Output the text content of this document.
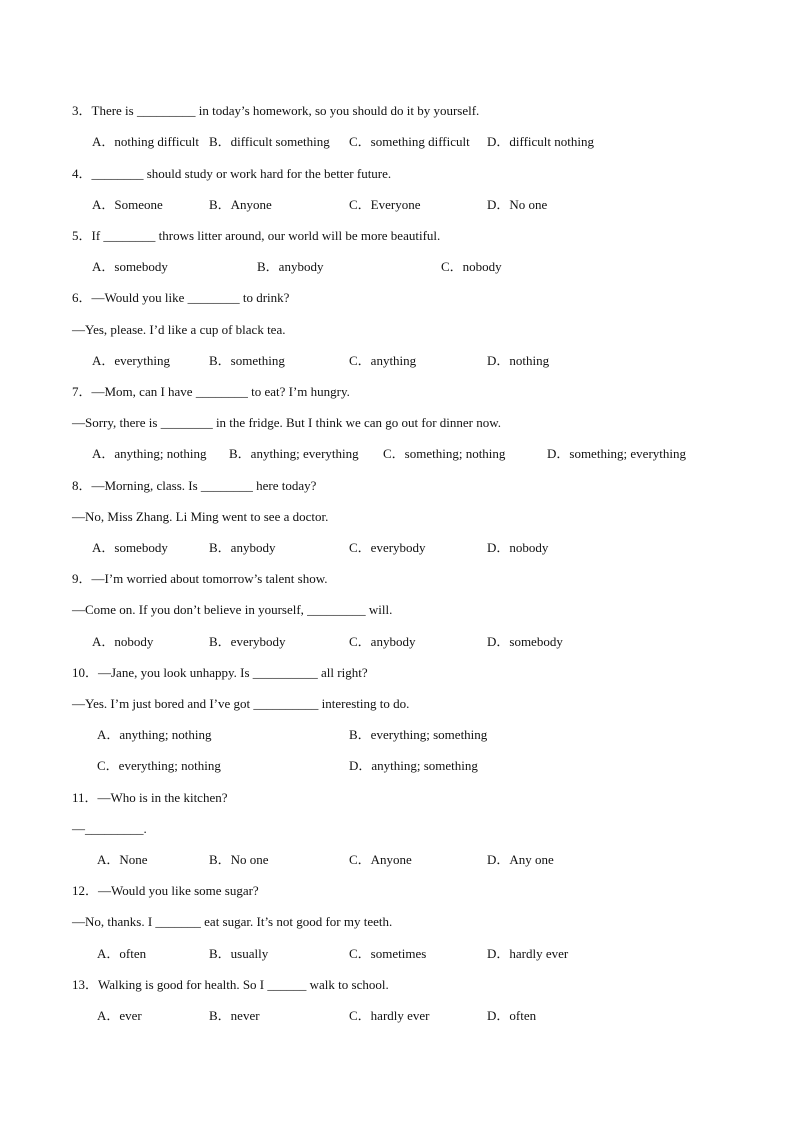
3．There is _________ in today’s homework, so you should do it by yourself.
A．nothing difficult B．difficult something C．something difficult D．difficult nothing
4．________ should study or work hard for the better future.
A．Someone	B．Anyone	C．Everyone	D．No one
5．If ________ throws litter around, our world will be more beautiful.
A．somebody	B．anybody	C．nobody
6．—Would you like ________ to drink?
—Yes, please. I’d like a cup of black tea.
A．everything	B．something	C．anything	D．nothing
7．—Mom, can I have ________ to eat? I’m hungry.
—Sorry, there is ________ in the fridge. But I think we can go out for dinner now.
A．anything; nothing B．anything; everything C．something; nothing	D．something; everything
8．—Morning, class. Is ________ here today?
—No, Miss Zhang. Li Ming went to see a doctor.
A．somebody	B．anybody	C．everybody	D．nobody
9．—I’m worried about tomorrow’s talent show.
—Come on. If you don’t believe in yourself, _________ will.
A．nobody	B．everybody	C．anybody	D．somebody
10．—Jane, you look unhappy. Is __________ all right?
—Yes. I’m just bored and I’ve got __________ interesting to do.
A．anything; nothing	B．everything; something
C．everything; nothing	D．anything; something
11．—Who is in the kitchen?
—_________.
A．None	B．No one	C．Anyone	D．Any one
12．—Would you like some sugar?
—No, thanks. I _______ eat sugar. It’s not good for my teeth.
A．often	B．usually	C．sometimes	D．hardly ever
13．Walking is good for health. So I ______ walk to school.
A．ever	B．never	C．hardly ever	D．often
